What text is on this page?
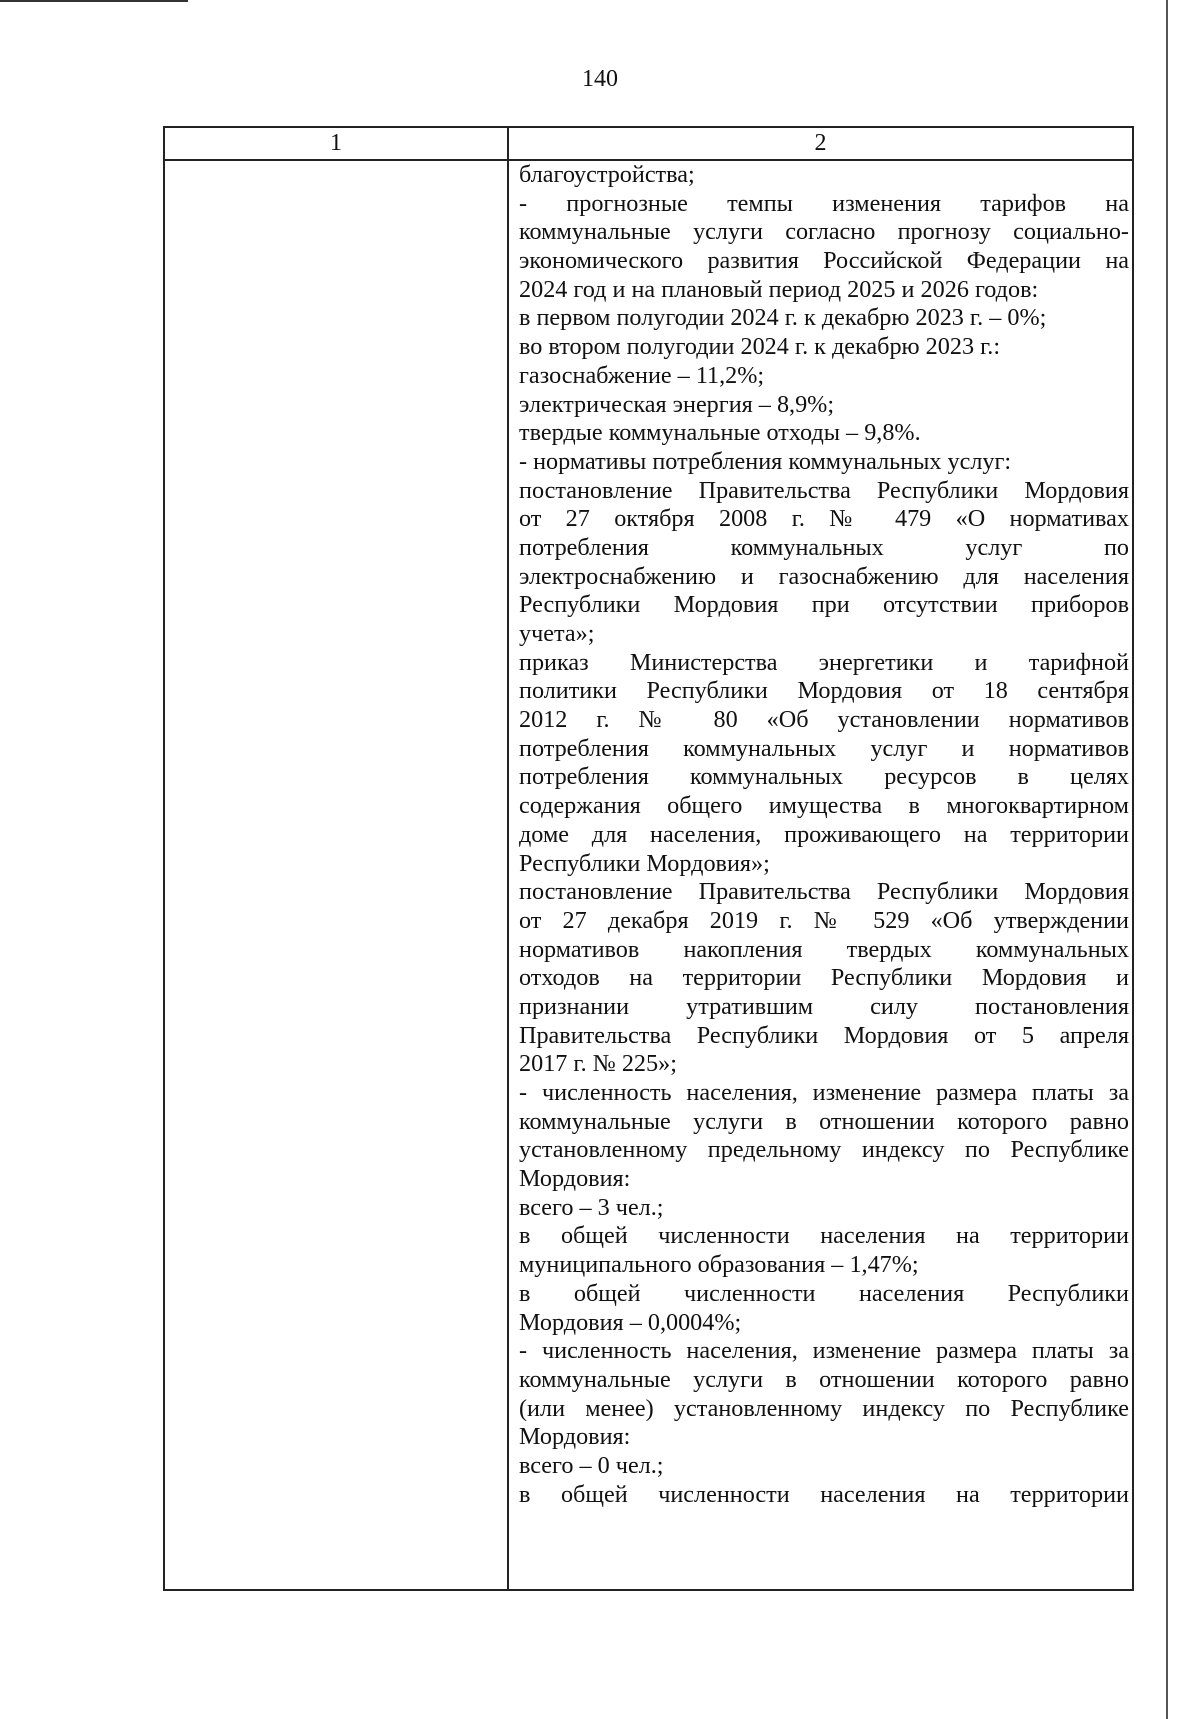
140
1	2
благоустройства;
- прогнозные темпы изменения тарифов на
коммунальные услуги согласно прогнозу социально-
экономического развития Российской Федерации на
2024 год и на плановый период 2025 и 2026 годов:
в первом полугодии 2024 г. к декабрю 2023 г. – 0%;
во втором полугодии 2024 г. к декабрю 2023 г.:
газоснабжение – 11,2%;
электрическая энергия – 8,9%;
твердые коммунальные отходы – 9,8%.
- нормативы потребления коммунальных услуг:
постановление Правительства Республики Мордовия
от 27 октября 2008 г. № 479 «О нормативах
потребления коммунальных услуг по
электроснабжению и газоснабжению для населения
Республики Мордовия при отсутствии приборов
учета»;
приказ Министерства энергетики и тарифной
политики Республики Мордовия от 18 сентября
2012 г. № 80 «Об установлении нормативов
потребления коммунальных услуг и нормативов
потребления коммунальных ресурсов в целях
содержания общего имущества в многоквартирном
доме для населения, проживающего на территории
Республики Мордовия»;
постановление Правительства Республики Мордовия
от 27 декабря 2019 г. № 529 «Об утверждении
нормативов накопления твердых коммунальных
отходов на территории Республики Мордовия и
признании утратившим силу постановления
Правительства Республики Мордовия от 5 апреля
2017 г. № 225»;
- численность населения, изменение размера платы за
коммунальные услуги в отношении которого равно
установленному предельному индексу по Республике
Мордовия:
всего – 3 чел.;
в общей численности населения на территории
муниципального образования – 1,47%;
в общей численности населения Республики
Мордовия – 0,0004%;
- численность населения, изменение размера платы за
коммунальные услуги в отношении которого равно
(или менее) установленному индексу по Республике
Мордовия:
всего – 0 чел.;
в общей численности населения на территории
